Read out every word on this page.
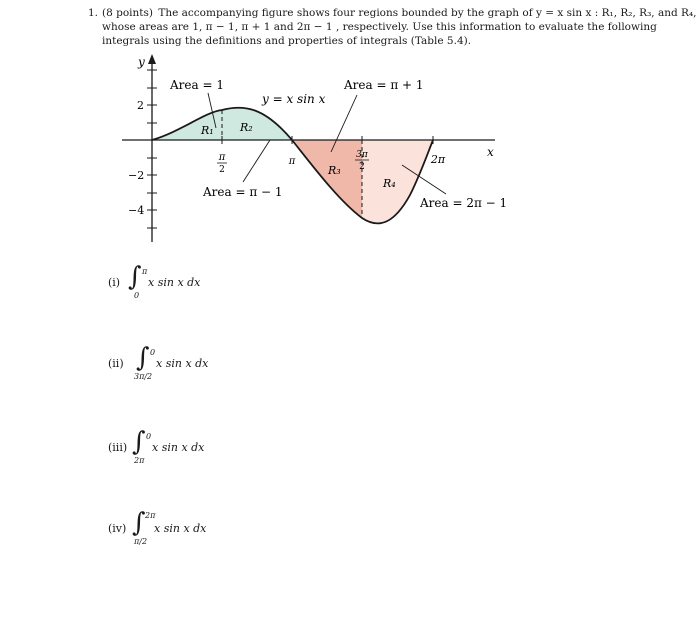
1. (8 points) The accompanying figure shows four regions bounded by the graph of y = x sin x : R₁, R₂, R₃, and R₄,
whose areas are 1, π − 1, π + 1 and 2π − 1 , respectively. Use this information to evaluate the following
integrals using the definitions and properties of integrals (Table 5.4).
y
x
2
−2
−4
π
2
π
3π
2
2π
y = x sin x
R₁ R₂
R₃
R₄
Area = 1
Area = π − 1
Area = π + 1
Area = 2π − 1
(i) ∫ π
0
x sin x dx
(ii) ∫ 0
3π/2
x sin x dx
(iii) ∫ 0
2π
x sin x dx
(iv) ∫ 2π
π/2
x sin x dx
